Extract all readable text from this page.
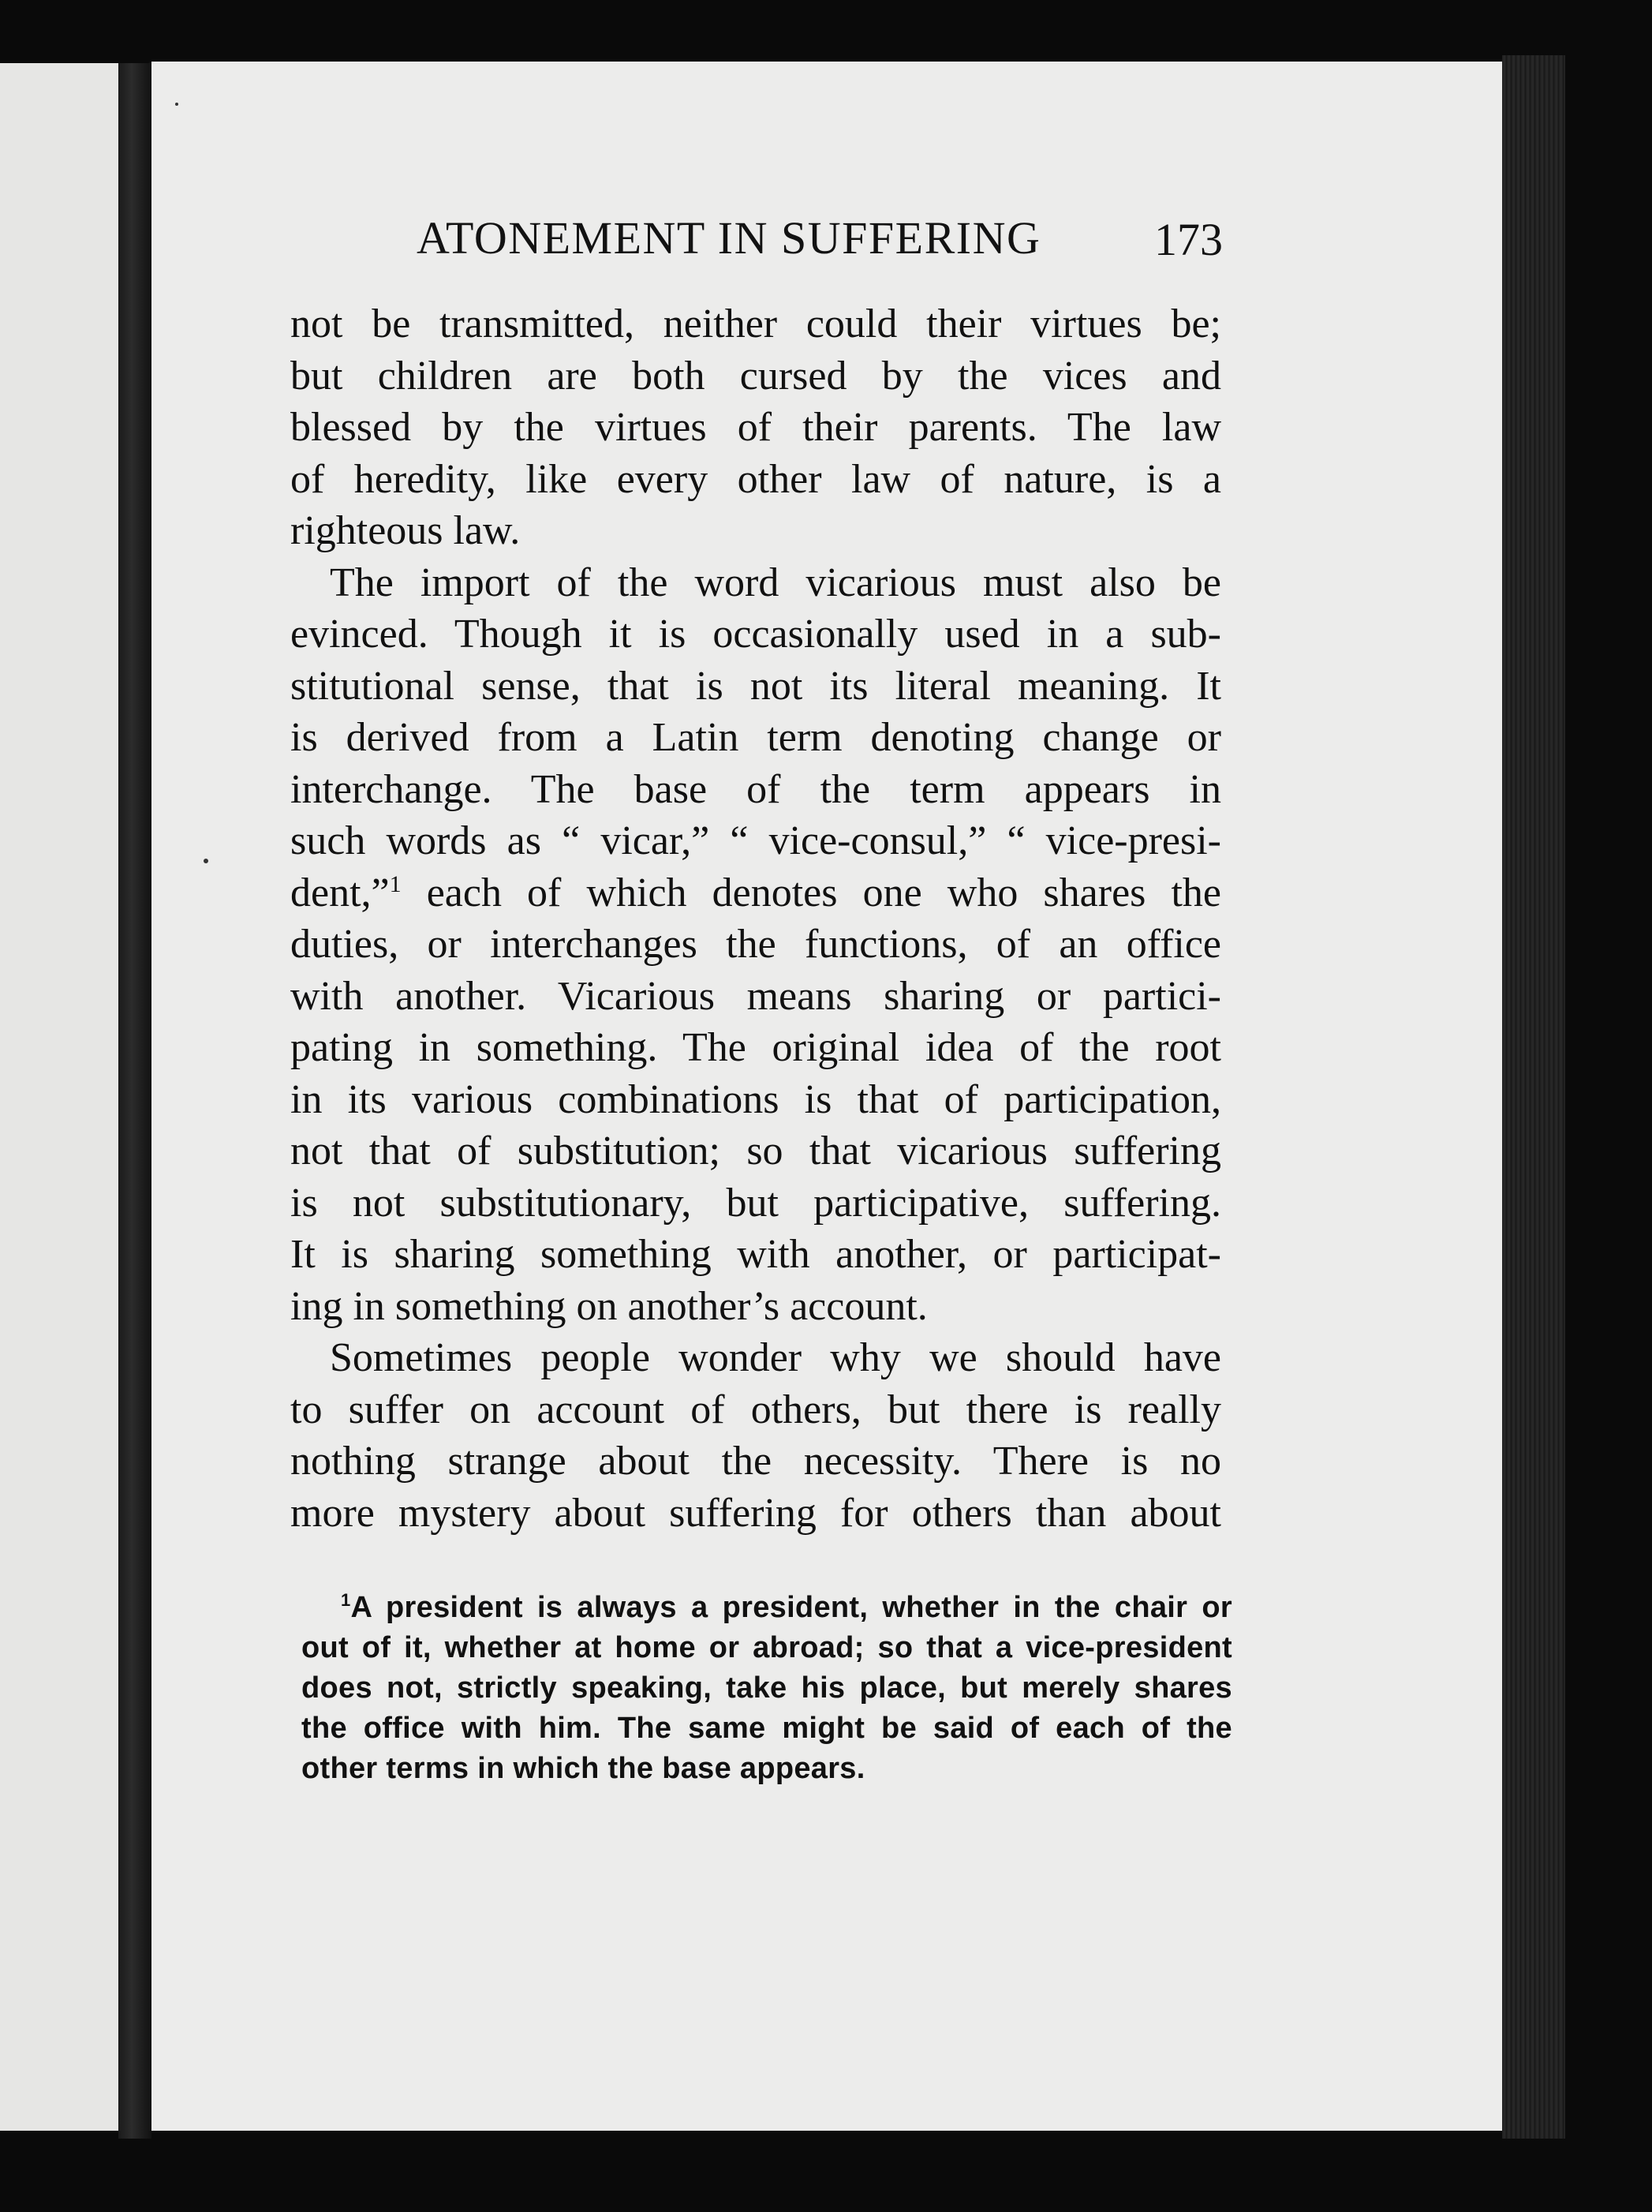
ATONEMENT IN SUFFERING 173

not be transmitted, neither could their virtues be;
but children are both cursed by the vices and
blessed by the virtues of their parents. The law
of heredity, like every other law of nature, is a
righteous law.

The import of the word vicarious must also be
evinced. Though it is occasionally used in a sub-
stitutional sense, that is not its literal meaning. It
is derived from a Latin term denoting change or
interchange. The base of the term appears in
such words as “ vicar,” “ vice-consul,” “ vice-presi-
dent,”$^1$ each of which denotes one who shares the
duties, or interchanges the functions, of an office
with another. Vicarious means sharing or partici-
pating in something. The original idea of the root
in its various combinations is that of participation,
not that of substitution; so that vicarious suffering
is not substitutionary, but participative, suffering.
It is sharing something with another, or participat-
ing in something on another’s account.

Sometimes people wonder why we should have
to suffer on account of others, but there is really
nothing strange about the necessity. There is no
more mystery about suffering for others than about

$^1$A president is always a president, whether in the chair or
out of it, whether at home or abroad; so that a vice-president
does not, strictly speaking, take his place, but merely shares
the office with him. The same might be said of each of the
other terms in which the base appears.
